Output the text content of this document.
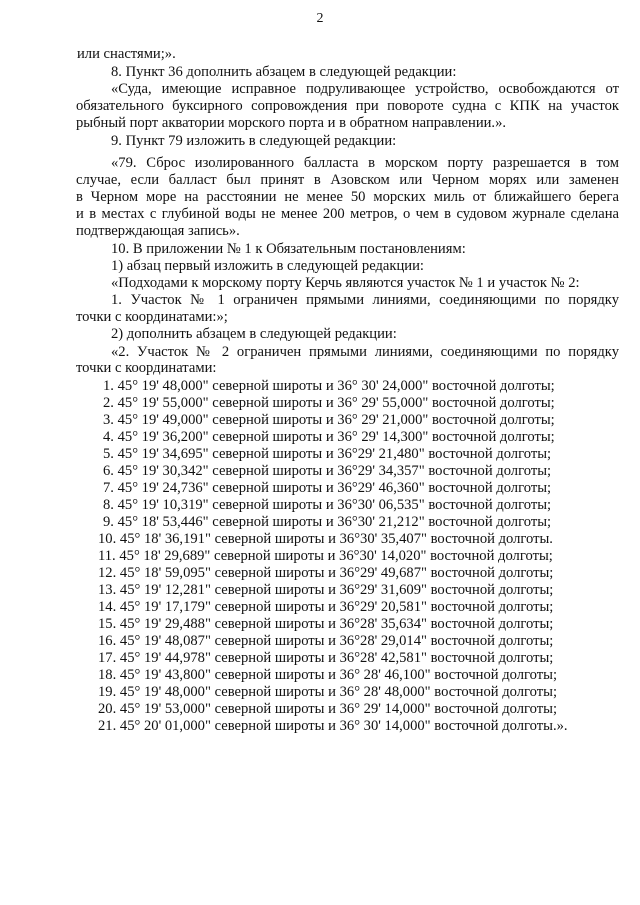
2
или снастями;».
8. Пункт 36 дополнить абзацем в следующей редакции:
«Суда, имеющие исправное подруливающее устройство, освобождаются от
обязательного буксирного сопровождения при повороте судна с КПК на участок
рыбный порт акватории морского порта и в обратном направлении.».
9. Пункт 79 изложить в следующей редакции:
«79. Сброс изолированного балласта в морском порту разрешается в том
случае, если балласт был принят в Азовском или Черном морях или заменен
в Черном море на расстоянии не менее 50 морских миль от ближайшего берега
и в местах с глубиной воды не менее 200 метров, о чем в судовом журнале сделана
подтверждающая запись».
10. В приложении № 1 к Обязательным постановлениям:
1) абзац первый изложить в следующей редакции:
«Подходами к морскому порту Керчь являются участок № 1 и участок № 2:
1. Участок № 1 ограничен прямыми линиями, соединяющими по порядку
точки с координатами:»;
2) дополнить абзацем в следующей редакции:
«2. Участок № 2 ограничен прямыми линиями, соединяющими по порядку
точки с координатами:
1. 45° 19' 48,000" северной широты и 36° 30' 24,000" восточной долготы;
2. 45° 19' 55,000" северной широты и 36° 29' 55,000" восточной долготы;
3. 45° 19' 49,000" северной широты и 36° 29' 21,000" восточной долготы;
4. 45° 19' 36,200" северной широты и 36° 29' 14,300" восточной долготы;
5. 45° 19' 34,695" северной широты и 36°29' 21,480" восточной долготы;
6. 45° 19' 30,342" северной широты и 36°29' 34,357" восточной долготы;
7. 45° 19' 24,736" северной широты и 36°29' 46,360" восточной долготы;
8. 45° 19' 10,319" северной широты и 36°30' 06,535" восточной долготы;
9. 45° 18' 53,446" северной широты и 36°30' 21,212" восточной долготы;
10. 45° 18' 36,191" северной широты и 36°30' 35,407" восточной долготы.
11. 45° 18' 29,689" северной широты и 36°30' 14,020" восточной долготы;
12. 45° 18' 59,095" северной широты и 36°29' 49,687" восточной долготы;
13. 45° 19' 12,281" северной широты и 36°29' 31,609" восточной долготы;
14. 45° 19' 17,179" северной широты и 36°29' 20,581" восточной долготы;
15. 45° 19' 29,488" северной широты и 36°28' 35,634" восточной долготы;
16. 45° 19' 48,087" северной широты и 36°28' 29,014" восточной долготы;
17. 45° 19' 44,978" северной широты и 36°28' 42,581" восточной долготы;
18. 45° 19' 43,800" северной широты и 36° 28' 46,100" восточной долготы;
19. 45° 19' 48,000" северной широты и 36° 28' 48,000" восточной долготы;
20. 45° 19' 53,000" северной широты и 36° 29' 14,000" восточной долготы;
21. 45° 20' 01,000" северной широты и 36° 30' 14,000" восточной долготы.».
